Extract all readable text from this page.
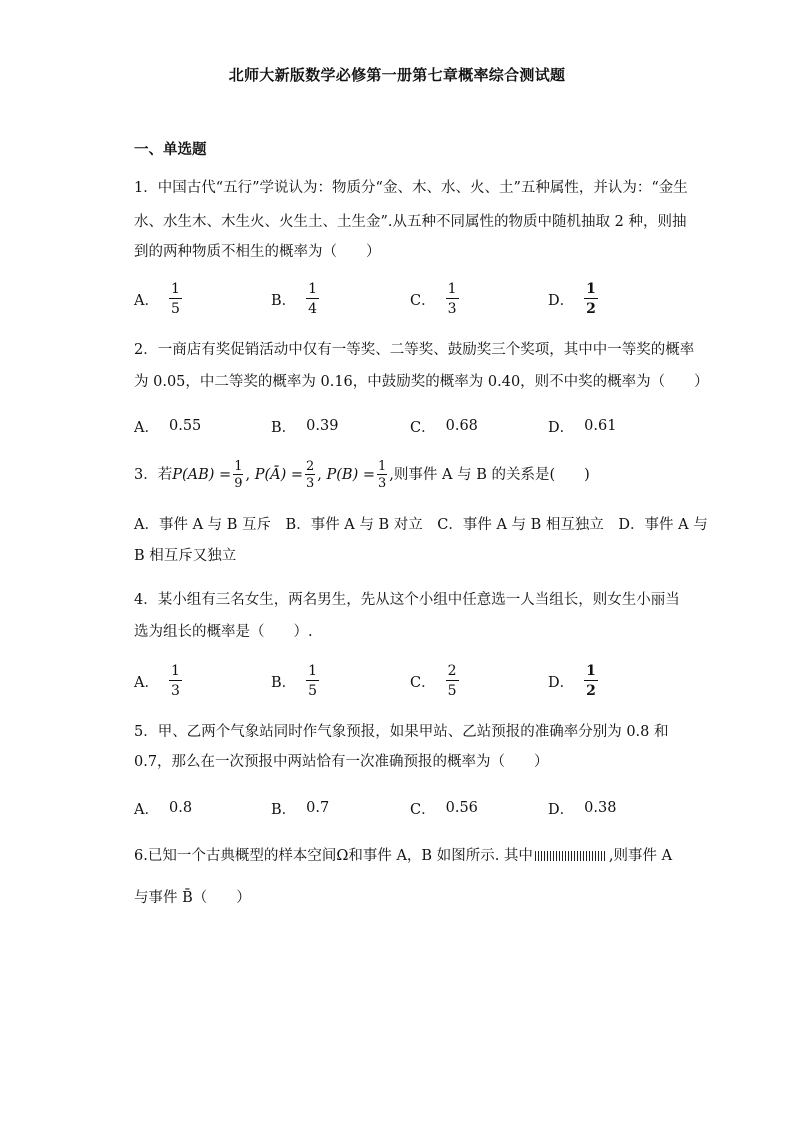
北师大新版数学必修第一册第七章概率综合测试题
一、单选题
1．中国古代“五行”学说认为：物质分“金、木、水、火、土”五种属性，并认为：“金生
水、水生木、木生火、火生土、土生金”.从五种不同属性的物质中随机抽取 2 种，则抽
到的两种物质不相生的概率为（　　）
A． $\frac{1}{5}$	B． $\frac{1}{4}$	C． $\frac{1}{3}$	D． $\frac{1}{2}$
2．一商店有奖促销活动中仅有一等奖、二等奖、鼓励奖三个奖项，其中中一等奖的概率
为 0.05，中二等奖的概率为 0.16，中鼓励奖的概率为 0.40，则不中奖的概率为（　　）
A． 0.55	B． 0.39	C． 0.68	D． 0.61
3．若 $P(AB) = \frac{1}{9}$ , P(Ā) = $\frac{2}{3}$ , $P(B) = \frac{1}{3}$ ,则事件 A 与 B 的关系是(　　)
A．事件 A 与 B 互斥　B．事件 A 与 B 对立　C．事件 A 与 B 相互独立　D．事件 A 与
B 相互斥又独立
4．某小组有三名女生，两名男生，先从这个小组中任意选一人当组长，则女生小丽当
选为组长的概率是（　　）.
A． $\frac{1}{3}$	B． $\frac{1}{5}$	C． $\frac{2}{5}$	D． $\frac{1}{2}$
5．甲、乙两个气象站同时作气象预报，如果甲站、乙站预报的准确率分别为 0.8 和
0.7，那么在一次预报中两站恰有一次准确预报的概率为（　　）
A． 0.8	B． 0.7	C． 0.56	D． 0.38
6.已知一个古典概型的样本空间Ω和事件 A，B 如图所示. 其中	,则事件 A
与事件 B̄（　　）
